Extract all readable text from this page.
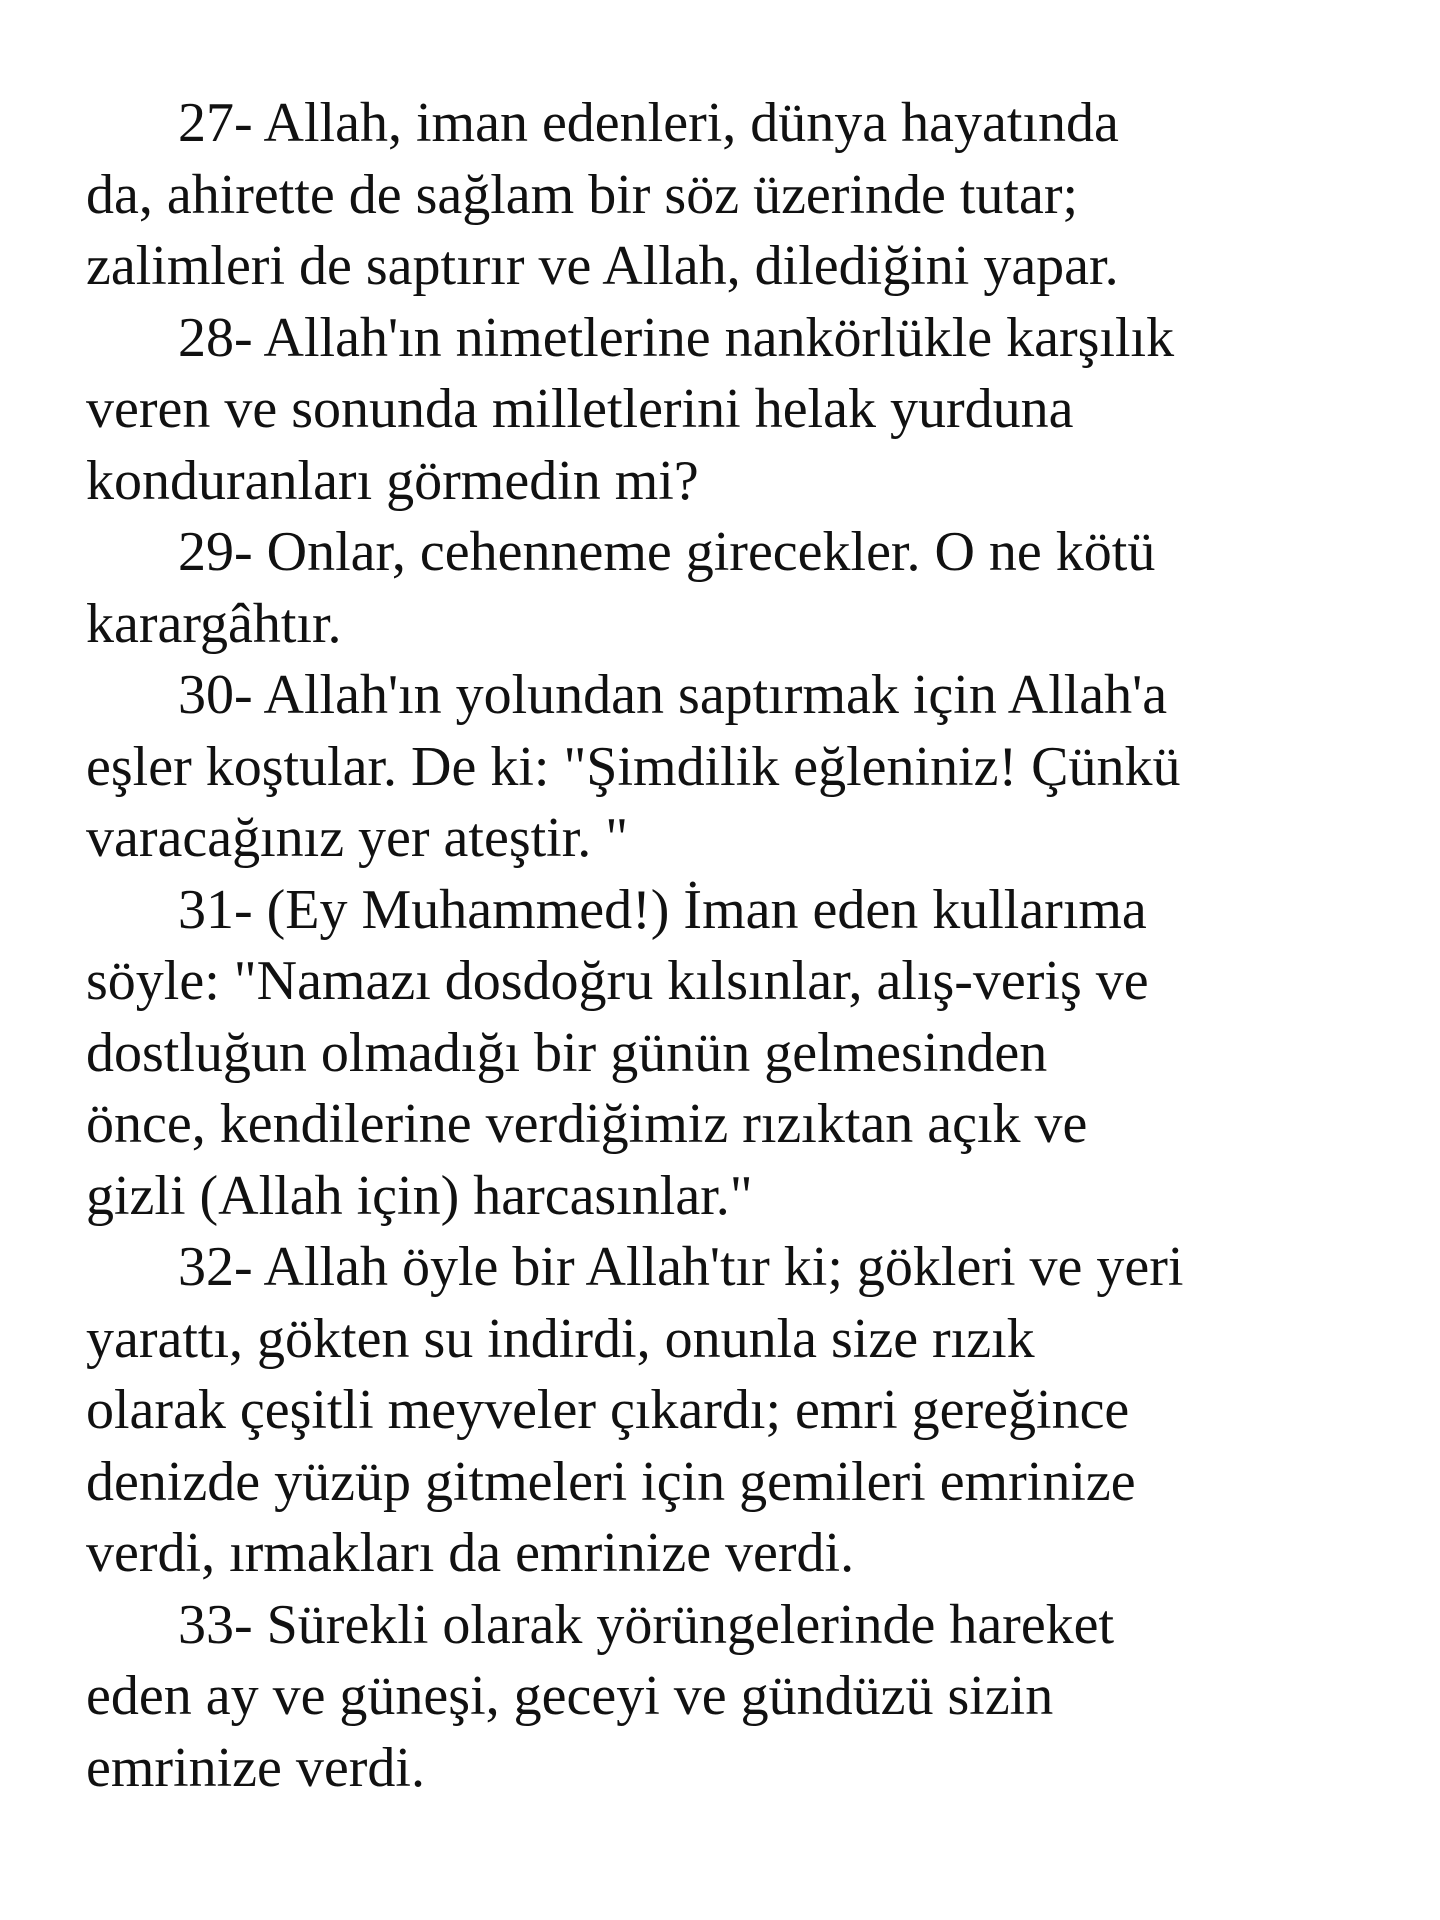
27- Allah, iman edenleri, dünya hayatında
da, ahirette de sağlam bir söz üzerinde tutar;
zalimleri de saptırır ve Allah, dilediğini yapar.

28- Allah'ın nimetlerine nankörlükle karşılık
veren ve sonunda milletlerini helak yurduna
konduranları görmedin mi?

29- Onlar, cehenneme girecekler. O ne kötü
karargâhtır.

30- Allah'ın yolundan saptırmak için Allah'a
eşler koştular. De ki: "Şimdilik eğleniniz! Çünkü
varacağınız yer ateştir. "

31- (Ey Muhammed!) İman eden kullarıma
söyle: "Namazı dosdoğru kılsınlar, alış-veriş ve
dostluğun olmadığı bir günün gelmesinden
önce, kendilerine verdiğimiz rızıktan açık ve
gizli (Allah için) harcasınlar."

32- Allah öyle bir Allah'tır ki; gökleri ve yeri
yarattı, gökten su indirdi, onunla size rızık
olarak çeşitli meyveler çıkardı; emri gereğince
denizde yüzüp gitmeleri için gemileri emrinize
verdi, ırmakları da emrinize verdi.

33- Sürekli olarak yörüngelerinde hareket
eden ay ve güneşi, geceyi ve gündüzü sizin
emrinize verdi.
